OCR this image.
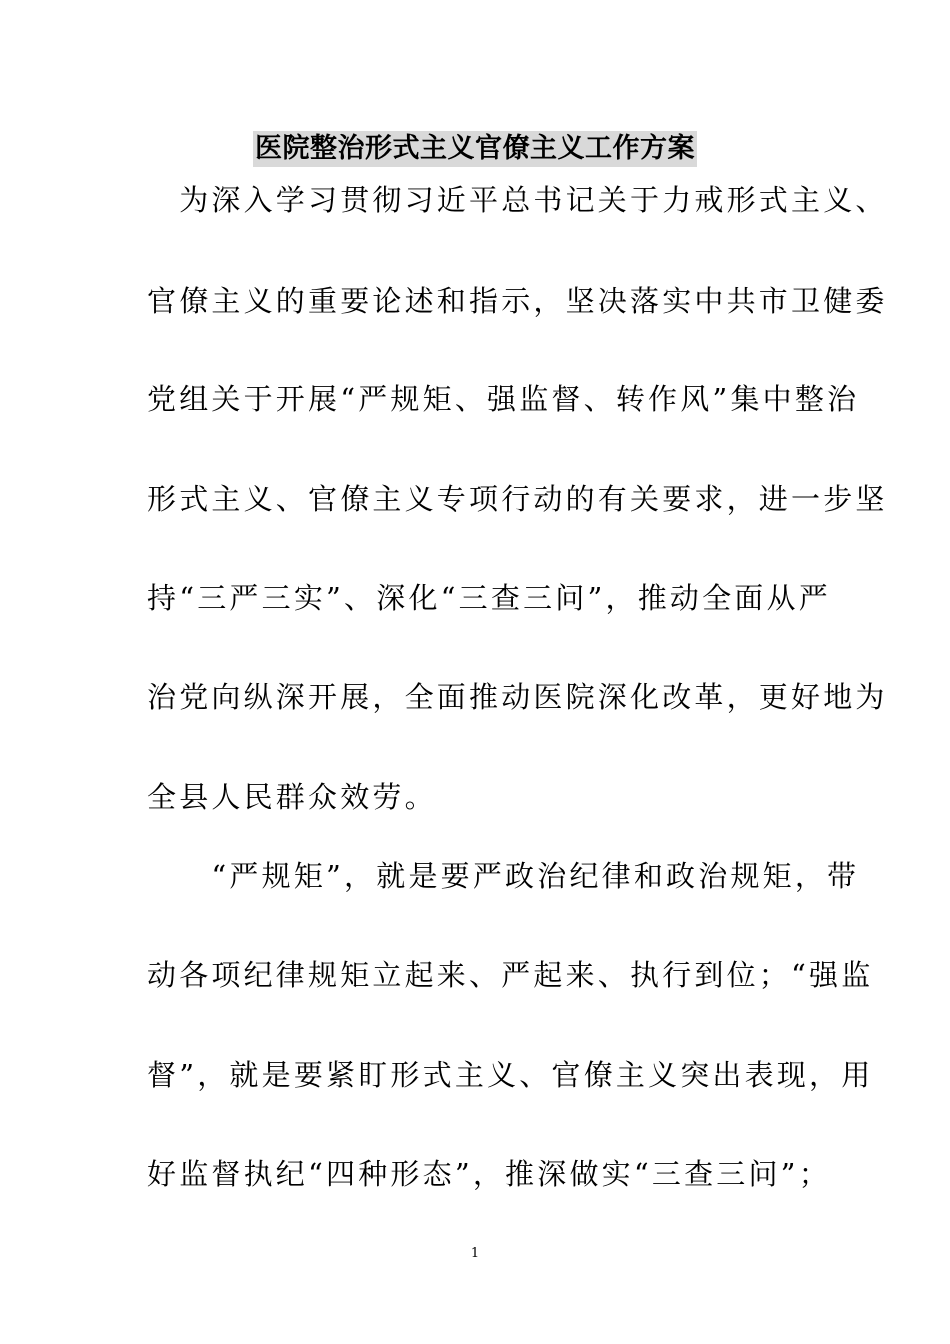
医院整治形式主义官僚主义工作方案
　为深入学习贯彻习近平总书记关于力戒形式主义、
官僚主义的重要论述和指示，坚决落实中共市卫健委
党组关于开展“严规矩、强监督、转作风”集中整治
形式主义、官僚主义专项行动的有关要求，进一步坚
持“三严三实”、深化“三查三问”，推动全面从严
治党向纵深开展，全面推动医院深化改革，更好地为
全县人民群众效劳。
　　“严规矩”，就是要严政治纪律和政治规矩，带
动各项纪律规矩立起来、严起来、执行到位；“强监
督”，就是要紧盯形式主义、官僚主义突出表现，用
好监督执纪“四种形态”，推深做实“三查三问”；
1
